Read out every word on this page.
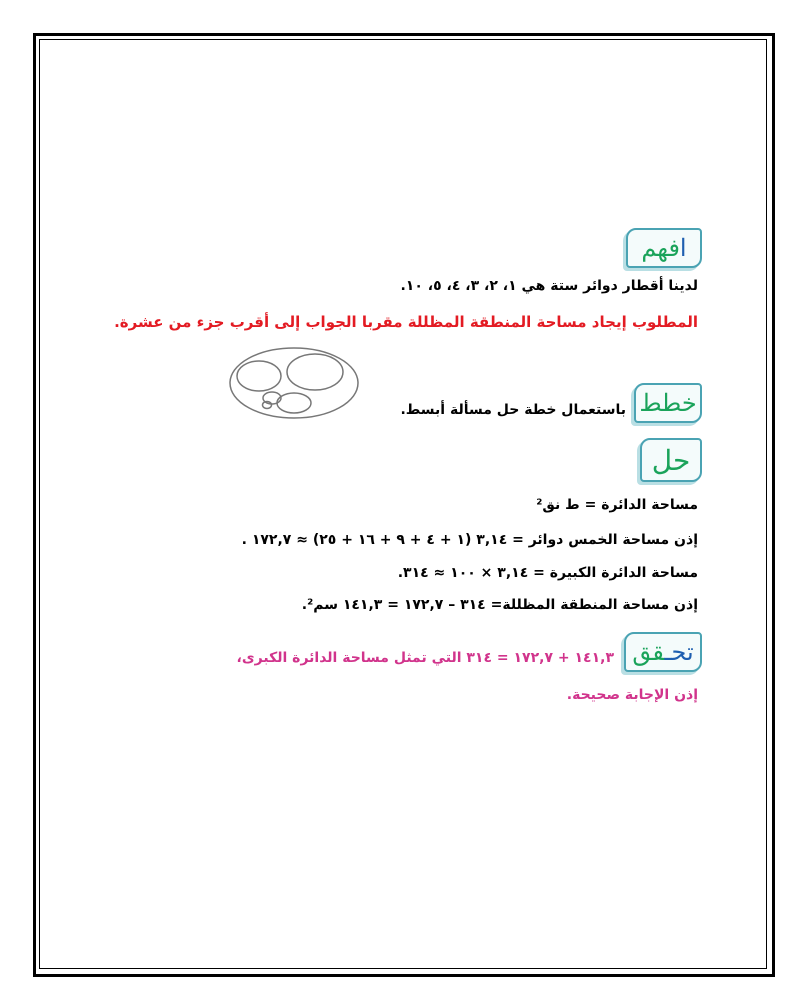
افهم
لدينا أقطار دوائر ستة هي ١، ٢، ٣، ٤، ٥، ١٠.
المطلوب إيجاد مساحة المنطقة المظللة مقربا الجواب إلى أقرب جزء من عشرة.
خطط
باستعمال خطة حل مسألة أبسط.
حل
مساحة الدائرة = ط نق²
إذن مساحة الخمس دوائر = ٣,١٤ (١ + ٤ + ٩ + ١٦ + ٢٥) ≈ ١٧٢,٧ .
مساحة الدائرة الكبيرة = ٣,١٤ × ١٠٠ ≈ ٣١٤.
إذن مساحة المنطقة المظللة= ٣١٤ – ١٧٢,٧ = ١٤١,٣ سم².
تحـقق
١٤١,٣ + ١٧٢,٧ = ٣١٤ التي تمثل مساحة الدائرة الكبرى،
إذن الإجابة صحيحة.
